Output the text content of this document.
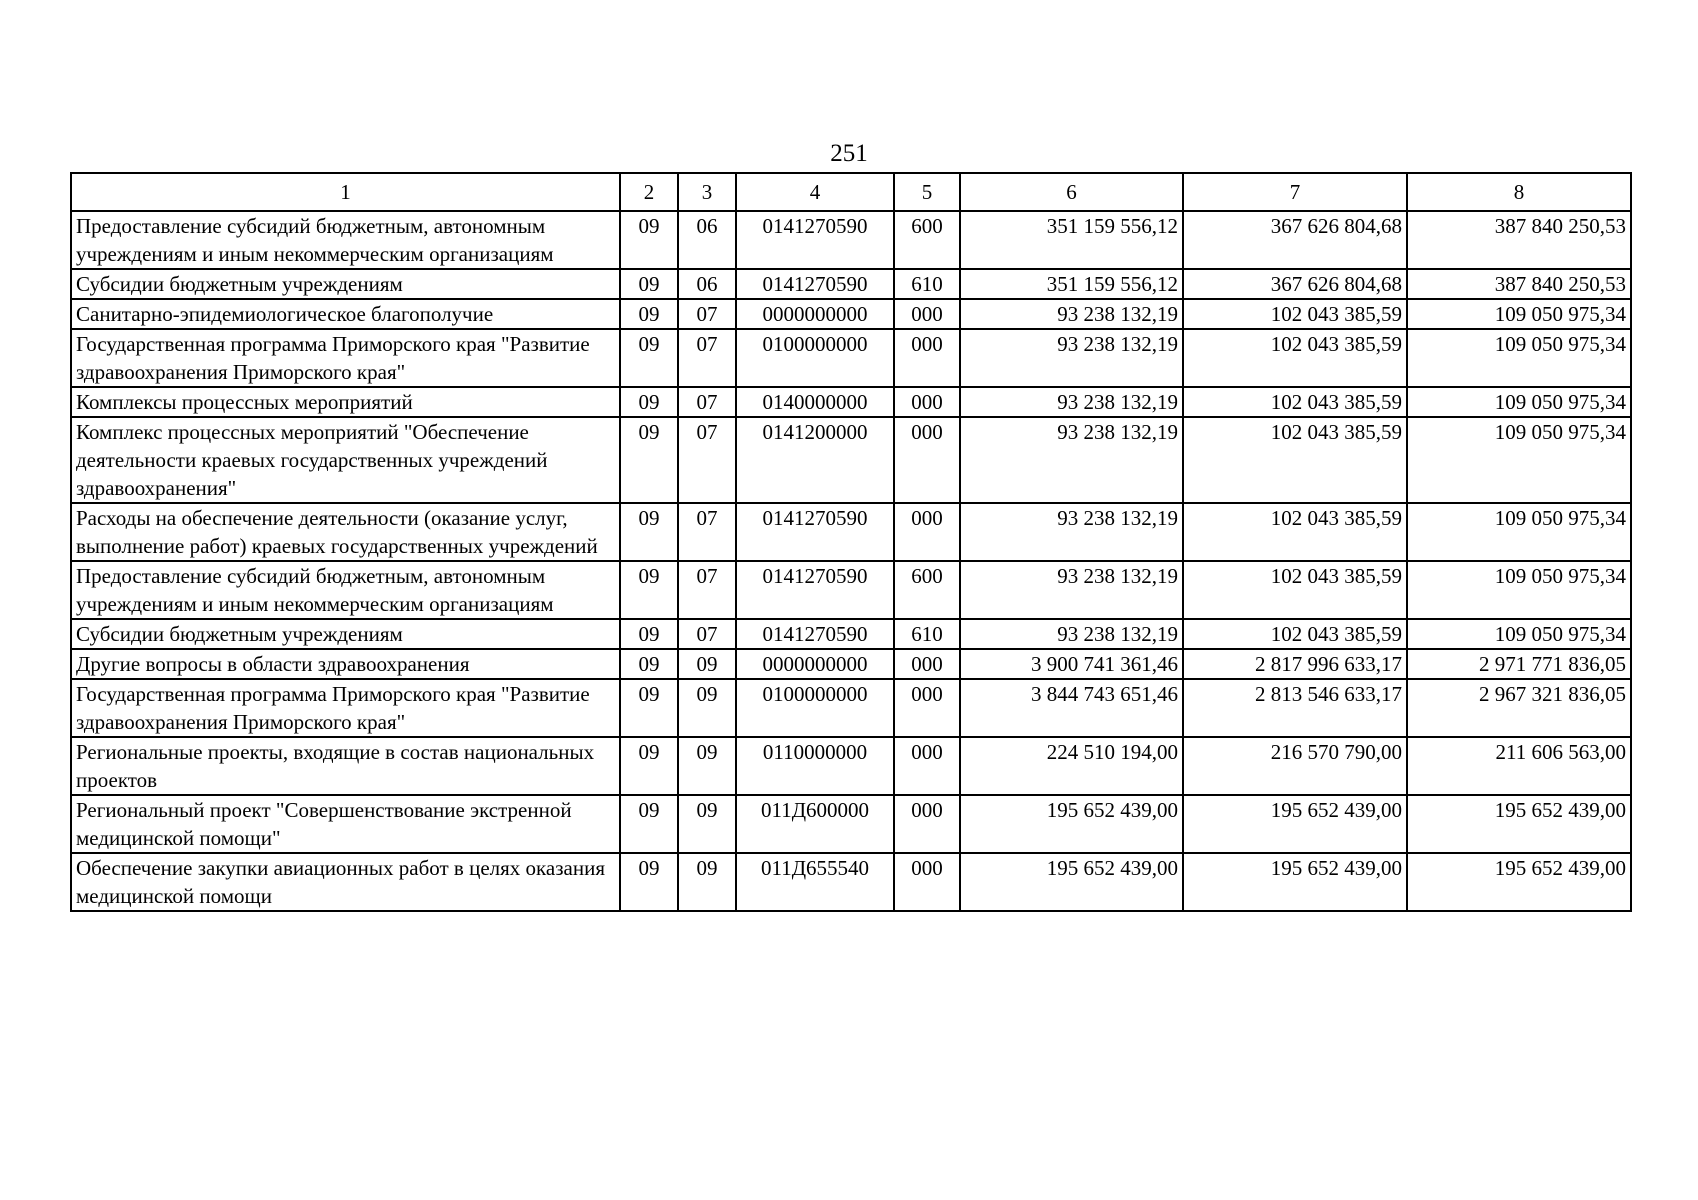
251
1	2	3	4	5	6	7	8
Предоставление субсидий бюджетным, автономным учреждениям и иным некоммерческим организациям	09	06	0141270590	600	351 159 556,12	367 626 804,68	387 840 250,53
Субсидии бюджетным учреждениям	09	06	0141270590	610	351 159 556,12	367 626 804,68	387 840 250,53
Санитарно-эпидемиологическое благополучие	09	07	0000000000	000	93 238 132,19	102 043 385,59	109 050 975,34
Государственная программа Приморского края "Развитие здравоохранения Приморского края"	09	07	0100000000	000	93 238 132,19	102 043 385,59	109 050 975,34
Комплексы процессных мероприятий	09	07	0140000000	000	93 238 132,19	102 043 385,59	109 050 975,34
Комплекс процессных мероприятий "Обеспечение деятельности краевых государственных учреждений здравоохранения"	09	07	0141200000	000	93 238 132,19	102 043 385,59	109 050 975,34
Расходы на обеспечение деятельности (оказание услуг, выполнение работ) краевых государственных учреждений	09	07	0141270590	000	93 238 132,19	102 043 385,59	109 050 975,34
Предоставление субсидий бюджетным, автономным учреждениям и иным некоммерческим организациям	09	07	0141270590	600	93 238 132,19	102 043 385,59	109 050 975,34
Субсидии бюджетным учреждениям	09	07	0141270590	610	93 238 132,19	102 043 385,59	109 050 975,34
Другие вопросы в области здравоохранения	09	09	0000000000	000	3 900 741 361,46	2 817 996 633,17	2 971 771 836,05
Государственная программа Приморского края "Развитие здравоохранения Приморского края"	09	09	0100000000	000	3 844 743 651,46	2 813 546 633,17	2 967 321 836,05
Региональные проекты, входящие в состав национальных проектов	09	09	0110000000	000	224 510 194,00	216 570 790,00	211 606 563,00
Региональный проект "Совершенствование экстренной медицинской помощи"	09	09	011Д600000	000	195 652 439,00	195 652 439,00	195 652 439,00
Обеспечение закупки авиационных работ в целях оказания медицинской помощи	09	09	011Д655540	000	195 652 439,00	195 652 439,00	195 652 439,00
